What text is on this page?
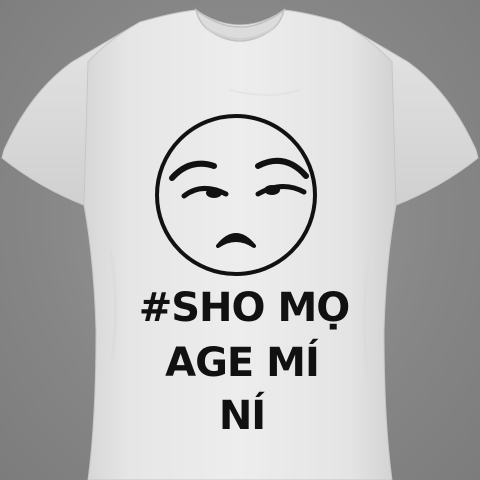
#SHO MỌ
AGE MÍ
NÍ
